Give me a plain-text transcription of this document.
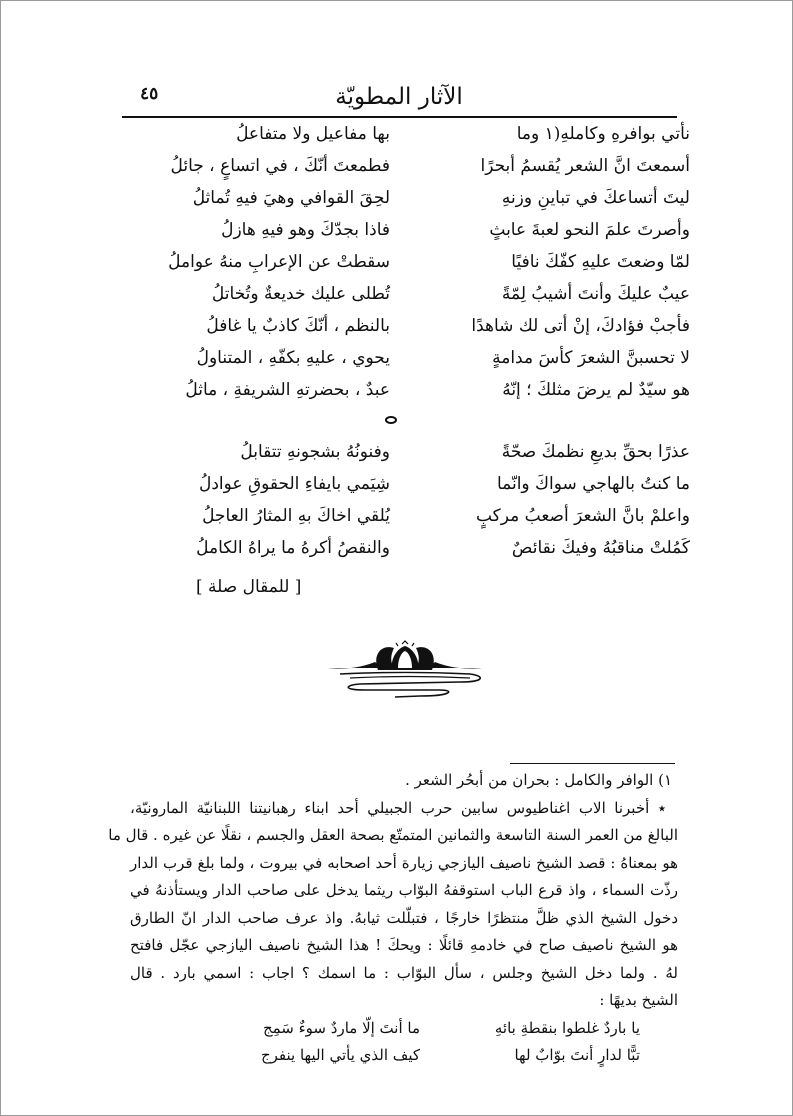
الآثار المطويّة
٤٥
نأتي بوافرهِ وكاملهِ(١ وما
بها مفاعيل ولا متفاعلُ
أسمعتَ انَّ الشعر يُقسمُ أبحرًا
فطمعتَ أنّكَ ، في اتساعٍ ، جائلُ
ليتَ أتساعكَ في تباينِ وزنهِ
لحِقَ القوافي وهيَ فيهِ تُماثلُ
وأصرتَ علمَ النحو لعبةَ عابثٍ
فاذا بجدّكَ وهو فيهِ هازلُ
لمّا وضعتَ عليهِ كفّكَ نافيًا
سقطتْ عن الإعرابِ منهُ عواملُ
عيبٌ عليكَ وأنتَ أشيبُ لِمّةً
تُطلى عليك خديعةٌ وتُخاتلُ
فأجبْ فؤادكَ، إنْ أتى لك شاهدًا
بالنظم ، أنّكَ كاذبٌ يا غافلُ
لا تحسبنَّ الشعرَ كأسَ مدامةٍ
يحوي ، عليهِ بكفّهِ ، المتناولُ
هو سيّدٌ لم يرضَ مثلكَ ؛ إنّهُ
عبدٌ ، بحضرتهِ الشريفةِ ، ماثلُ
عذرًا بحقِّ بديعِ نظمكَ صحّةً
وفنونُهُ بشجونهِ تتقابلُ
ما كنتُ بالهاجي سواكَ وانّما
شِيَمي بايفاءِ الحقوقِ عوادلُ
واعلمْ بانَّ الشعرَ أصعبُ مركبٍ
يُلقي اخاكَ بهِ المثارُ العاجلُ
كَمُلتْ مناقبُهُ وفيكَ نقائصٌ
والنقصُ أكرهُ ما يراهُ الكاملُ
[ للمقال صلة ]

١) الوافر والكامل : بحران من أبحُر الشعر .

٭ أخبرنا الاب اغناطيوس سابين حرب الجبيلي أحد ابناء رهبانيتنا اللبنانيّة المارونيّة،
البالغ من العمر السنة التاسعة والثمانين المتمتّع بصحة العقل والجسم ، نقلًا عن غيره . قال ما
هو بمعناهُ : قصد الشيخ ناصيف اليازجي زيارة أحد اصحابه في بيروت ، ولما بلغ قرب الدار
رذّت السماء ، واذ قرع الباب استوقفهُ البوّاب ريثما يدخل على صاحب الدار ويستأذنهُ في
دخول الشيخ الذي ظلَّ منتظرًا خارجًا ، فتبلّلت ثيابهُ. واذ عرف صاحب الدار انّ الطارق
هو الشيخ ناصيف صاح في خادمهِ قائلًا : ويحكَ ! هذا الشيخ ناصيف اليازجي عجّل فافتح
لهُ . ولما دخل الشيخ وجلس ، سأل البوّاب : ما اسمك ؟ اجاب : اسمي بارد . قال
الشيخ بديهًا :
يا باردٌ غلطوا بنقطةِ بائهِ
ما أنتَ إلّا ماردٌ سوءٌ سَمِج
تبًّا لدارٍ أنتَ بوّابٌ لها
كيف الذي يأتي اليها ينفرج
